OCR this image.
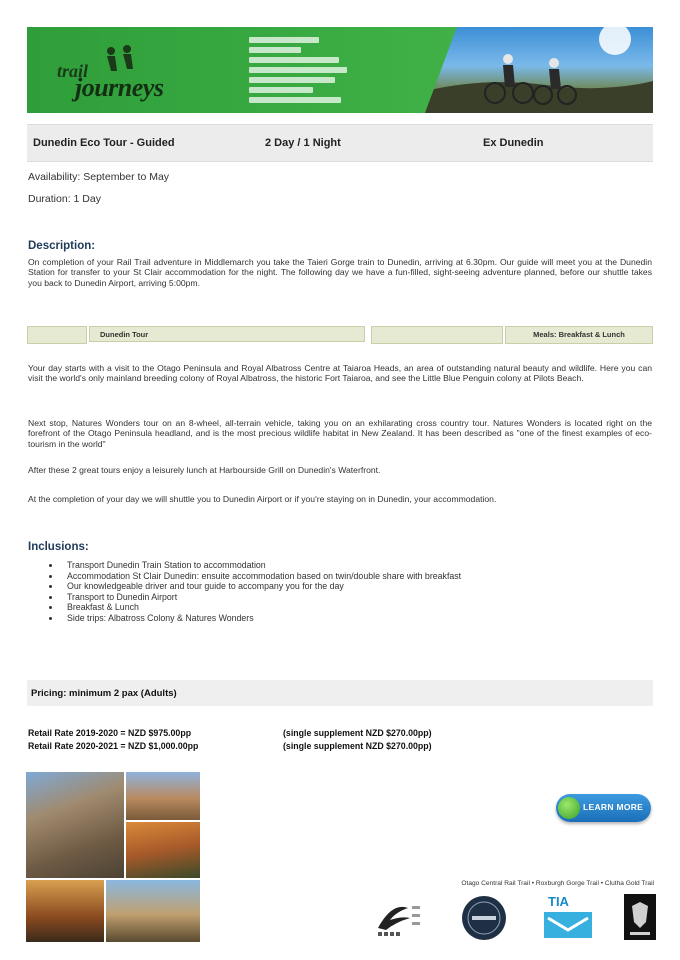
trail
journeys
Dunedin Eco Tour - Guided	2 Day / 1 Night	Ex Dunedin
Availability: September to May
Duration: 1 Day
Description:
On completion of your Rail Trail adventure in Middlemarch you take the Taieri Gorge train to Dunedin, arriving at 6.30pm. Our guide will meet you at the Dunedin Station for transfer to your St Clair accommodation for the night. The following day we have a fun-filled, sight-seeing adventure planned, before our shuttle takes you back to Dunedin Airport, arriving 5:00pm.
Dunedin Tour	Meals: Breakfast & Lunch
Your day starts with a visit to the Otago Peninsula and Royal Albatross Centre at Taiaroa Heads, an area of outstanding natural beauty and wildlife. Here you can visit the world's only mainland breeding colony of Royal Albatross, the historic Fort Taiaroa, and see the Little Blue Penguin colony at Pilots Beach.
Next stop, Natures Wonders tour on an 8-wheel, all-terrain vehicle, taking you on an exhilarating cross country tour. Natures Wonders is located right on the forefront of the Otago Peninsula headland, and is the most precious wildlife habitat in New Zealand. It has been described as "one of the finest examples of eco-tourism in the world"
After these 2 great tours enjoy a leisurely lunch at Harbourside Grill on Dunedin's Waterfront.
At the completion of your day we will shuttle you to Dunedin Airport or if you're staying on in Dunedin, your accommodation.
Inclusions:
• Transport Dunedin Train Station to accommodation
• Accommodation St Clair Dunedin: ensuite accommodation based on twin/double share with breakfast
• Our knowledgeable driver and tour guide to accompany you for the day
• Transport to Dunedin Airport
• Breakfast & Lunch
• Side trips: Albatross Colony & Natures Wonders
Pricing: minimum 2 pax (Adults)
Retail Rate 2019-2020 = NZD $975.00pp	(single supplement NZD $270.00pp)
Retail Rate 2020-2021 = NZD $1,000.00pp	(single supplement NZD $270.00pp)
LEARN MORE
Otago Central Rail Trail • Roxburgh Gorge Trail • Clutha Gold Trail
TIA
